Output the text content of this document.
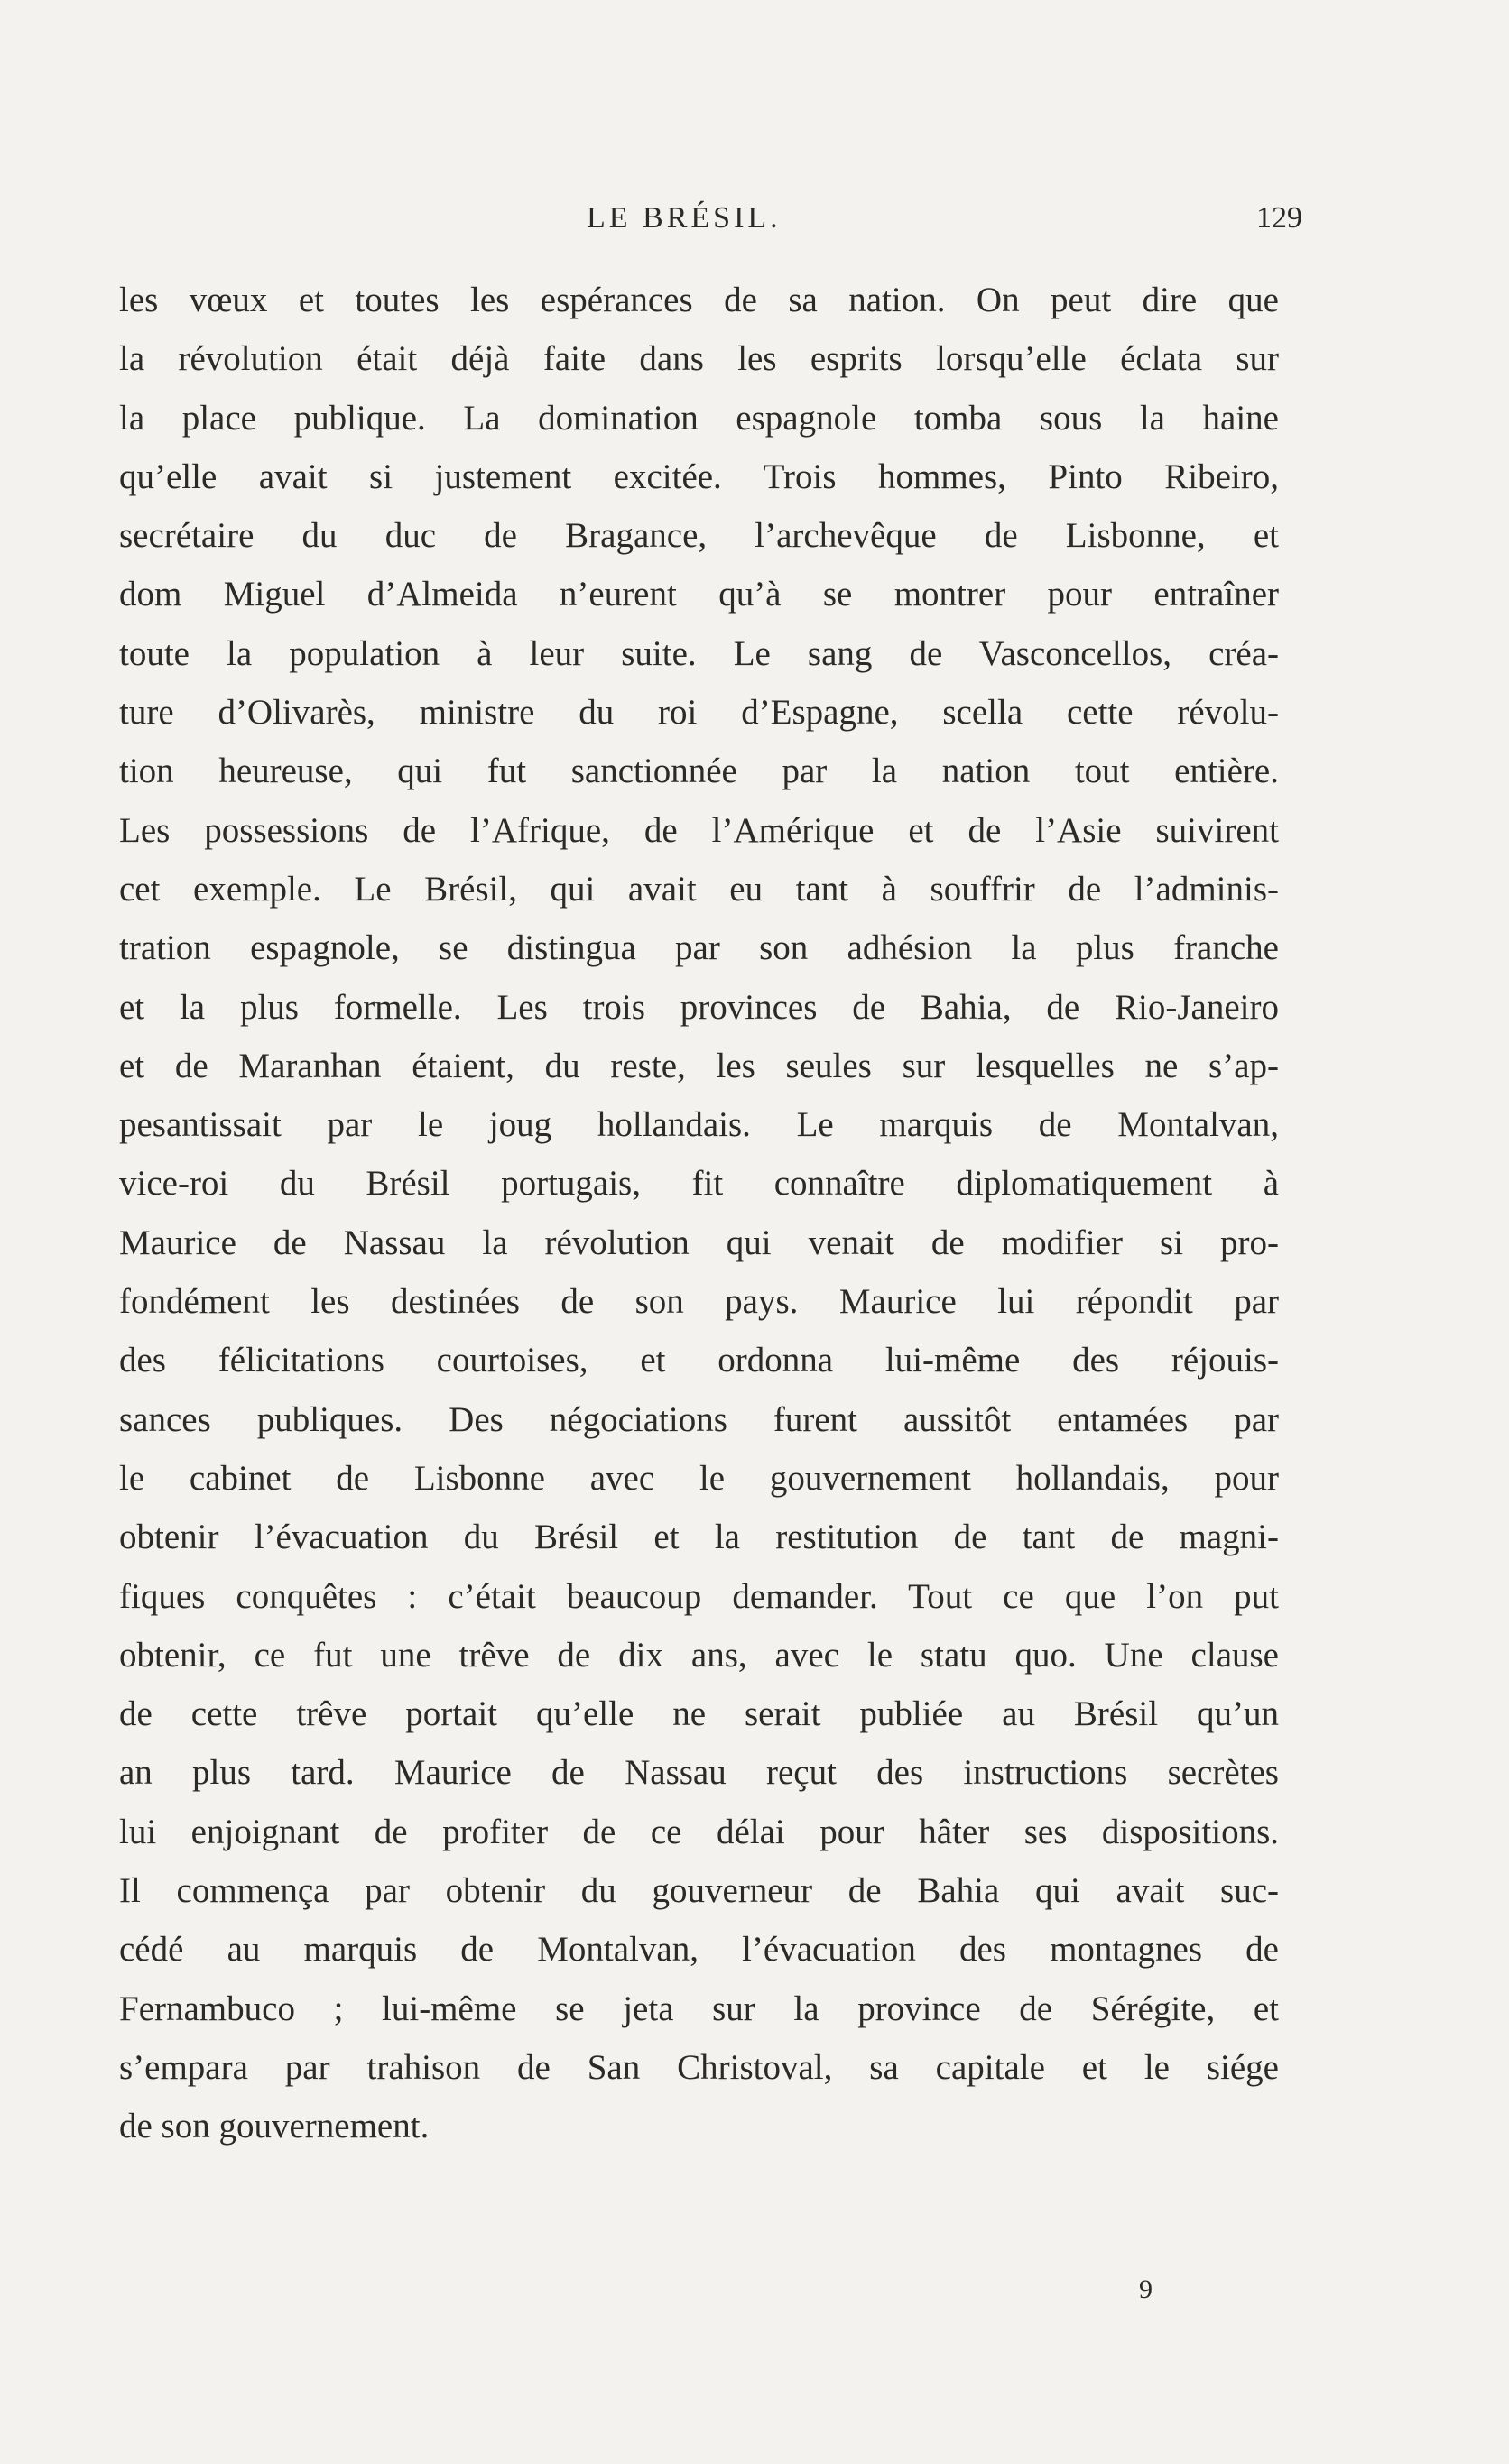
LE BRÉSIL.	129
les vœux et toutes les espérances de sa nation. On peut dire que
la révolution était déjà faite dans les esprits lorsqu’elle éclata sur
la place publique. La domination espagnole tomba sous la haine
qu’elle avait si justement excitée. Trois hommes, Pinto Ribeiro,
secrétaire du duc de Bragance, l’archevêque de Lisbonne, et
dom Miguel d’Almeida n’eurent qu’à se montrer pour entraîner
toute la population à leur suite. Le sang de Vasconcellos, créa-
ture d’Olivarès, ministre du roi d’Espagne, scella cette révolu-
tion heureuse, qui fut sanctionnée par la nation tout entière.
Les possessions de l’Afrique, de l’Amérique et de l’Asie suivirent
cet exemple. Le Brésil, qui avait eu tant à souffrir de l’adminis-
tration espagnole, se distingua par son adhésion la plus franche
et la plus formelle. Les trois provinces de Bahia, de Rio-Janeiro
et de Maranhan étaient, du reste, les seules sur lesquelles ne s’ap-
pesantissait par le joug hollandais. Le marquis de Montalvan,
vice-roi du Brésil portugais, fit connaître diplomatiquement à
Maurice de Nassau la révolution qui venait de modifier si pro-
fondément les destinées de son pays. Maurice lui répondit par
des félicitations courtoises, et ordonna lui-même des réjouis-
sances publiques. Des négociations furent aussitôt entamées par
le cabinet de Lisbonne avec le gouvernement hollandais, pour
obtenir l’évacuation du Brésil et la restitution de tant de magni-
fiques conquêtes : c’était beaucoup demander. Tout ce que l’on put
obtenir, ce fut une trêve de dix ans, avec le statu quo. Une clause
de cette trêve portait qu’elle ne serait publiée au Brésil qu’un
an plus tard. Maurice de Nassau reçut des instructions secrètes
lui enjoignant de profiter de ce délai pour hâter ses dispositions.
Il commença par obtenir du gouverneur de Bahia qui avait suc-
cédé au marquis de Montalvan, l’évacuation des montagnes de
Fernambuco ; lui-même se jeta sur la province de Sérégite, et
s’empara par trahison de San Christoval, sa capitale et le siége
de son gouvernement.
9
